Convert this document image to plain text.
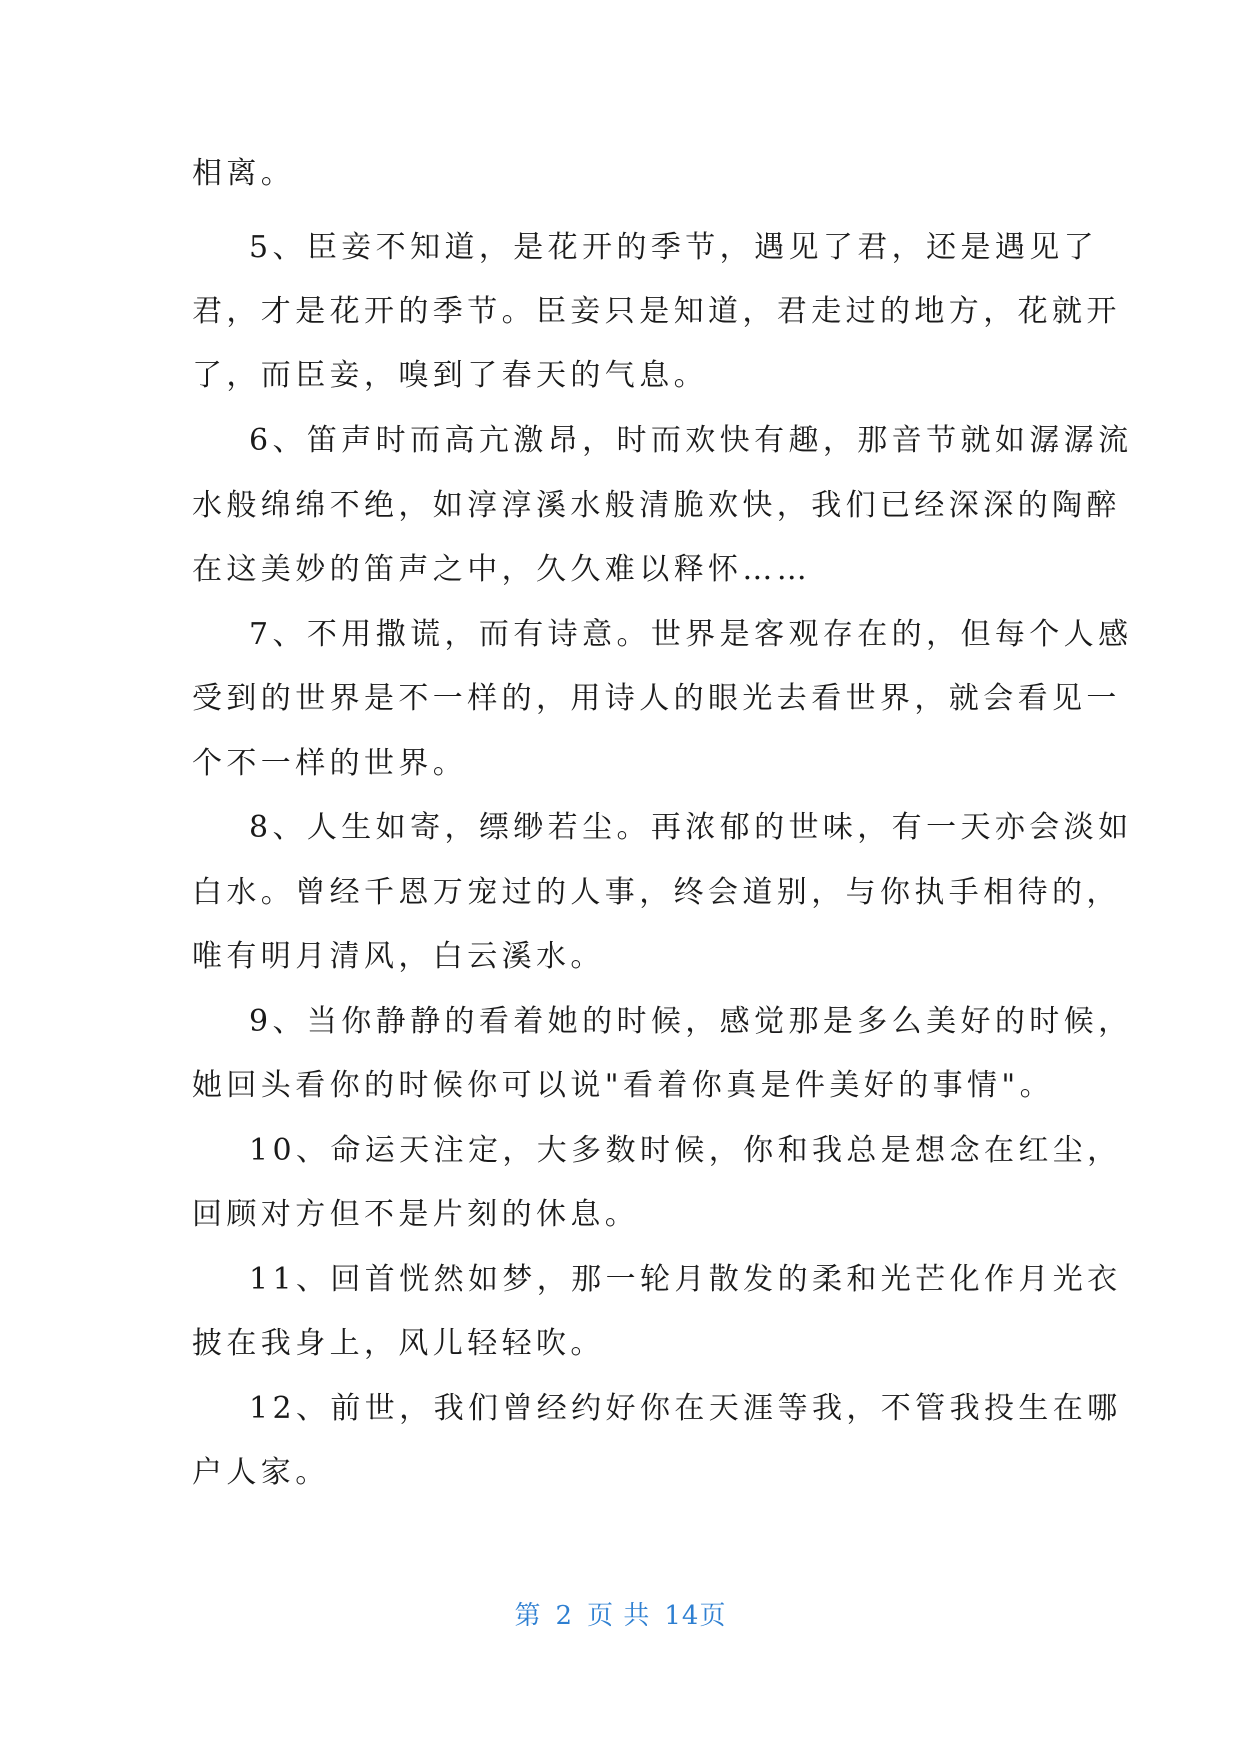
相离。
5、臣妾不知道，是花开的季节，遇见了君，还是遇见了
君，才是花开的季节。臣妾只是知道，君走过的地方，花就开
了，而臣妾，嗅到了春天的气息。
6、笛声时而高亢激昂，时而欢快有趣，那音节就如潺潺流
水般绵绵不绝，如淳淳溪水般清脆欢快，我们已经深深的陶醉
在这美妙的笛声之中，久久难以释怀……
7、不用撒谎，而有诗意。世界是客观存在的，但每个人感
受到的世界是不一样的，用诗人的眼光去看世界，就会看见一
个不一样的世界。
8、人生如寄，缥缈若尘。再浓郁的世味，有一天亦会淡如
白水。曾经千恩万宠过的人事，终会道别，与你执手相待的，
唯有明月清风，白云溪水。
9、当你静静的看着她的时候，感觉那是多么美好的时候，
她回头看你的时候你可以说"看着你真是件美好的事情"。
10、命运天注定，大多数时候，你和我总是想念在红尘，
回顾对方但不是片刻的休息。
11、回首恍然如梦，那一轮月散发的柔和光芒化作月光衣
披在我身上，风儿轻轻吹。
12、前世，我们曾经约好你在天涯等我，不管我投生在哪
户人家。
第 2 页 共 14页
